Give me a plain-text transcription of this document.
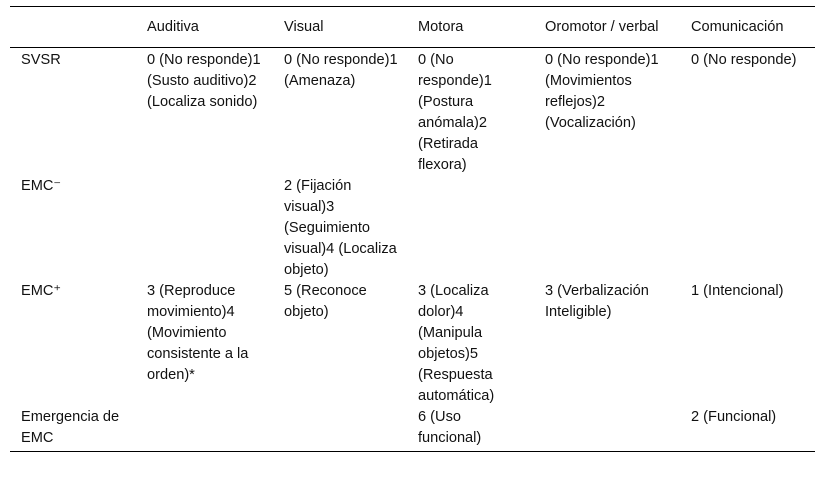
	Auditiva	Visual	Motora	Oromotor / verbal	Comunicación
SVSR	0 (No responde)1 (Susto auditivo)2 (Localiza sonido)	0 (No responde)1 (Amenaza)	0 (No responde)1 (Postura anómala)2 (Retirada flexora)	0 (No responde)1 (Movimientos reflejos)2 (Vocalización)	0 (No responde)
EMC⁻		2 (Fijación visual)3 (Seguimiento visual)4 (Localiza objeto)			
EMC⁺	3 (Reproduce movimiento)4 (Movimiento consistente a la orden)*	5 (Reconoce objeto)	3 (Localiza dolor)4 (Manipula objetos)5 (Respuesta automática)	3 (Verbalización Inteligible)	1 (Intencional)
Emergencia de EMC			6 (Uso funcional)		2 (Funcional)
